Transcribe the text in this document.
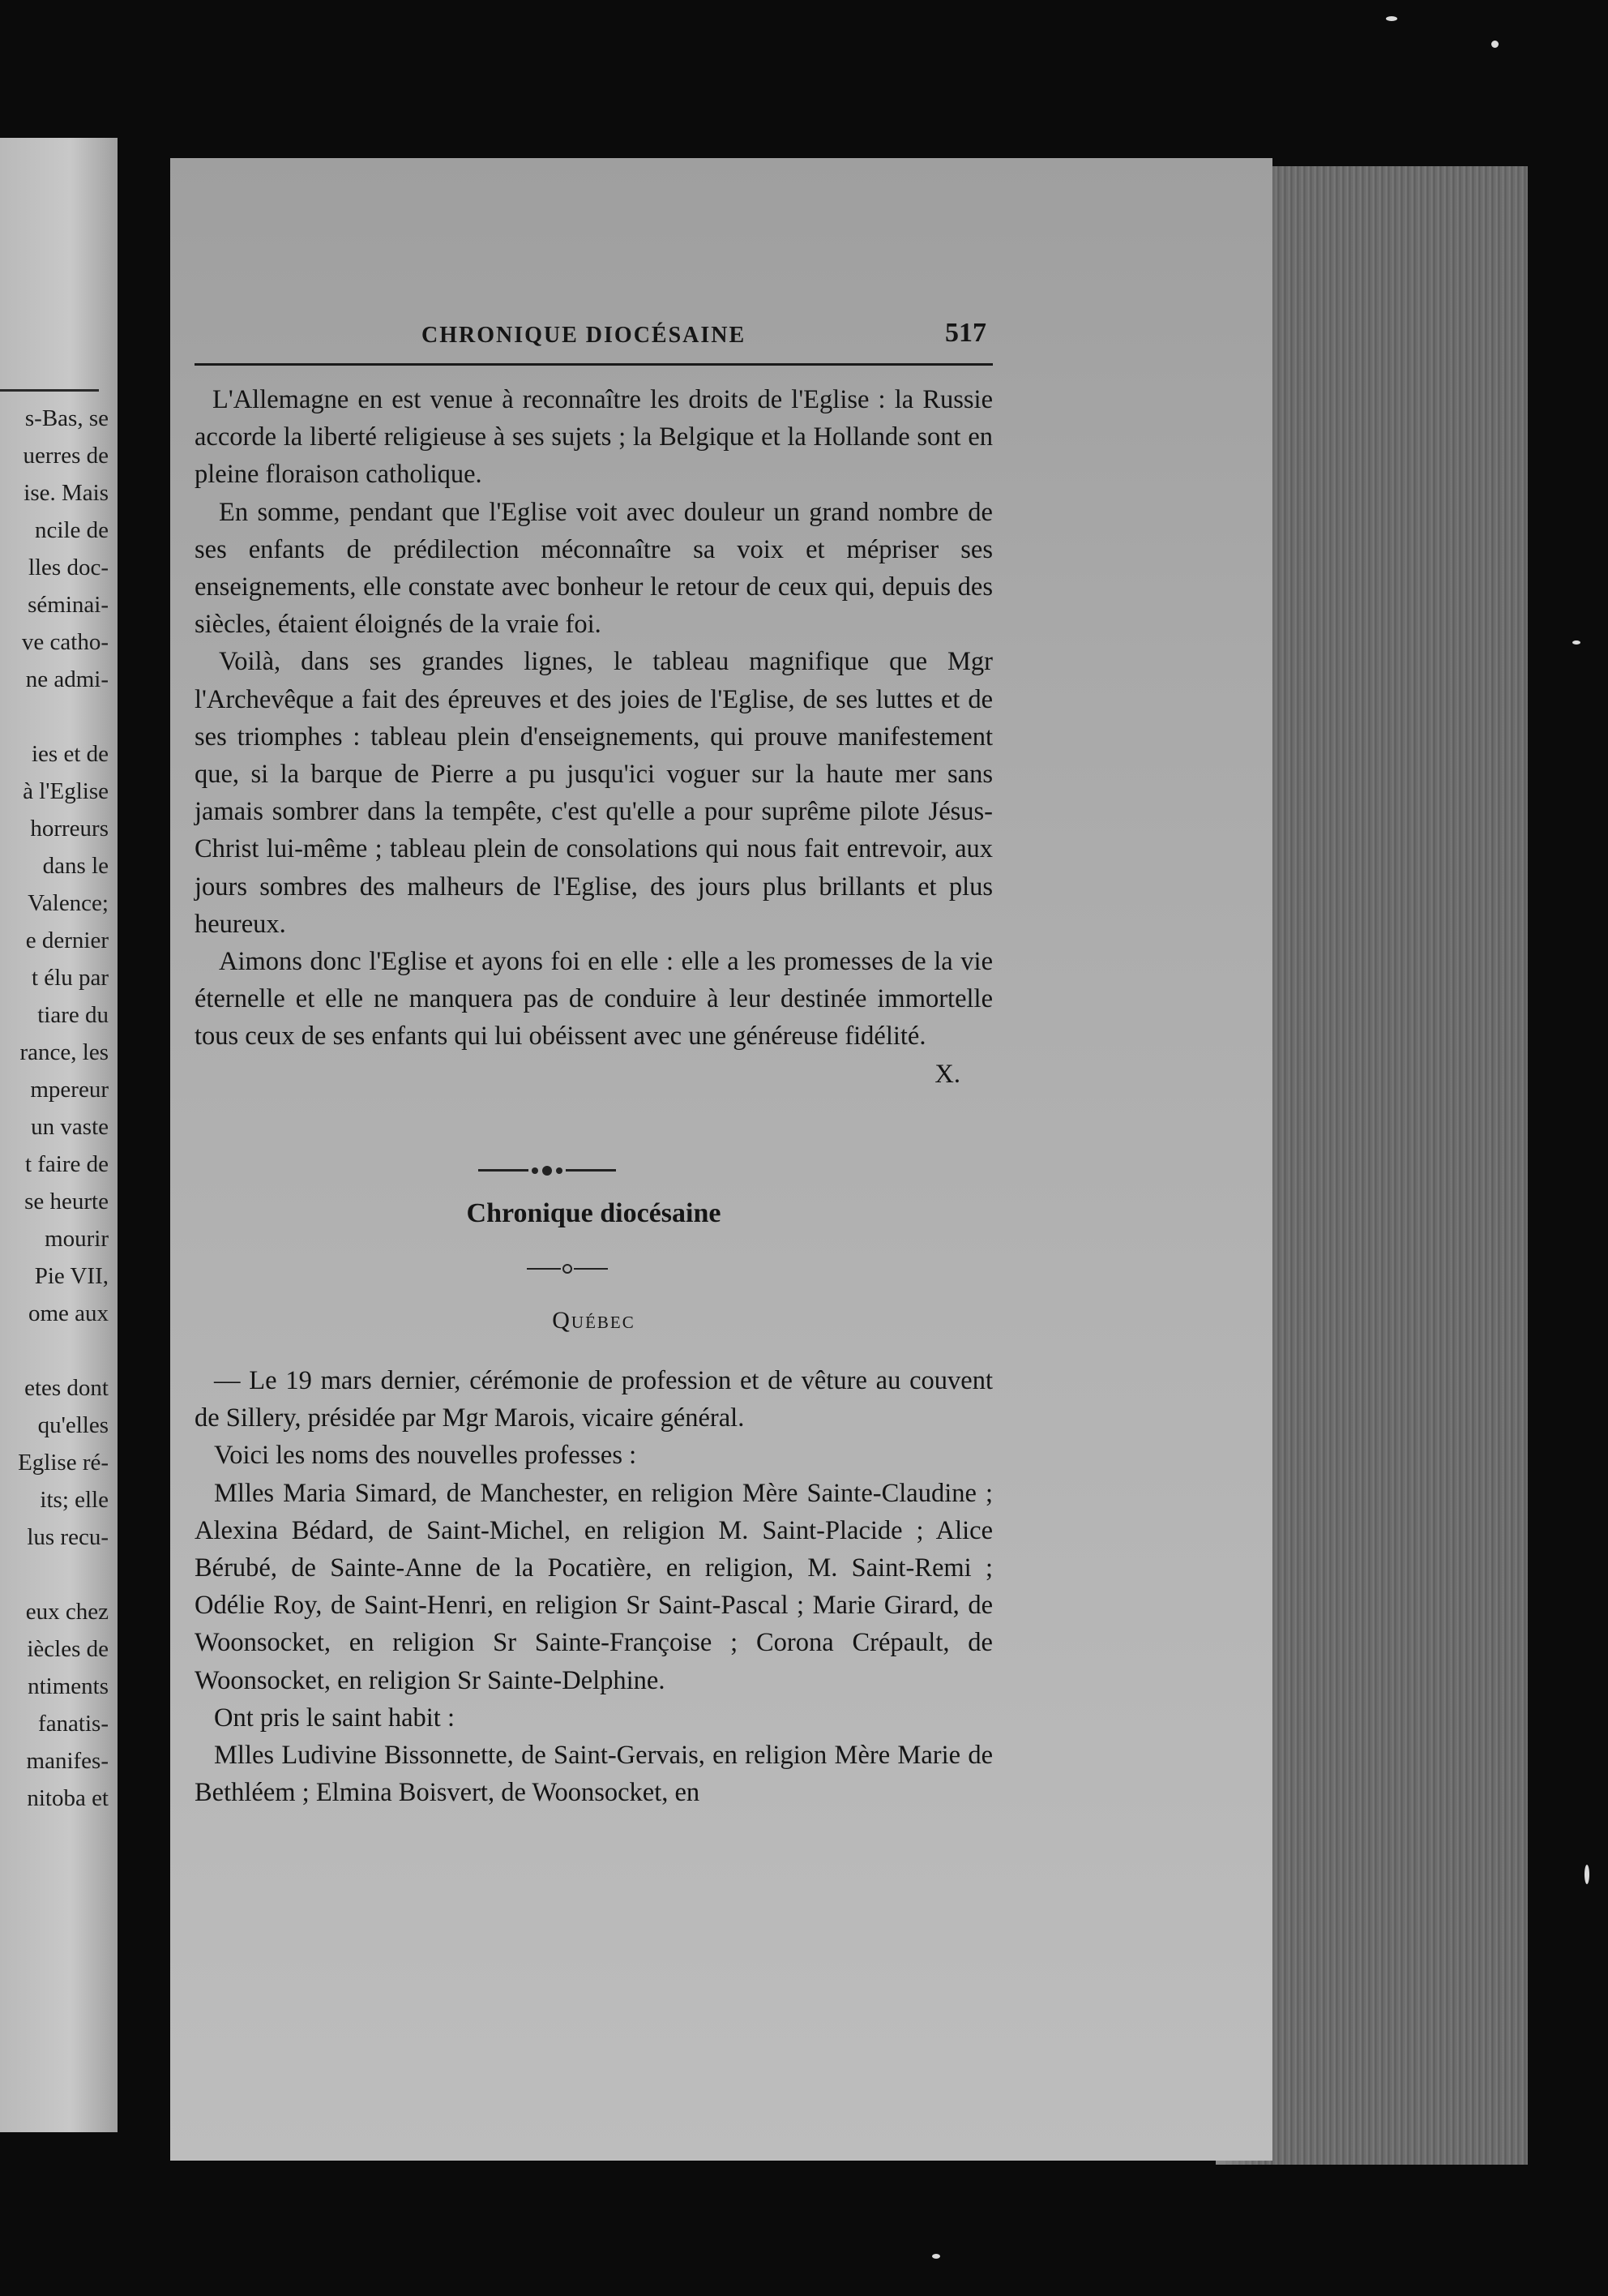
s-Bas, se
uerres de
ise. Mais
ncile de
lles doc-
séminai-
ve catho-
ne admi-
ies et de
à l'Eglise
horreurs
dans le
Valence;
e dernier
t élu par
tiare du
rance, les
mpereur
un vaste
t faire de
se heurte
mourir
Pie VII,
ome aux
etes dont
qu'elles
Eglise ré-
its; elle
lus recu-
eux chez
iècles de
ntiments
fanatis-
manifes-
nitoba et
CHRONIQUE DIOCÉSAINE	517

L'Allemagne en est venue à reconnaître les droits de l'Eglise : la Russie accorde la liberté religieuse à ses sujets ; la Belgique et la Hollande sont en pleine floraison catholique.

En somme, pendant que l'Eglise voit avec douleur un grand nombre de ses enfants de prédilection méconnaître sa voix et mépriser ses enseignements, elle constate avec bonheur le retour de ceux qui, depuis des siècles, étaient éloignés de la vraie foi.

Voilà, dans ses grandes lignes, le tableau magnifique que Mgr l'Archevêque a fait des épreuves et des joies de l'Eglise, de ses luttes et de ses triomphes : tableau plein d'enseignements, qui prouve manifestement que, si la barque de Pierre a pu jusqu'ici voguer sur la haute mer sans jamais sombrer dans la tempête, c'est qu'elle a pour suprême pilote Jésus-Christ lui-même ; tableau plein de consolations qui nous fait entrevoir, aux jours sombres des malheurs de l'Eglise, des jours plus brillants et plus heureux.

Aimons donc l'Eglise et ayons foi en elle : elle a les promesses de la vie éternelle et elle ne manquera pas de conduire à leur destinée immortelle tous ceux de ses enfants qui lui obéissent avec une généreuse fidélité.

X.
Chronique diocésaine
Québec

— Le 19 mars dernier, cérémonie de profession et de vêture au couvent de Sillery, présidée par Mgr Marois, vicaire général.

Voici les noms des nouvelles professes :

Mlles Maria Simard, de Manchester, en religion Mère Sainte-Claudine ; Alexina Bédard, de Saint-Michel, en religion M. Saint-Placide ; Alice Bérubé, de Sainte-Anne de la Pocatière, en religion, M. Saint-Remi ; Odélie Roy, de Saint-Henri, en religion Sr Saint-Pascal ; Marie Girard, de Woonsocket, en religion Sr Sainte-Françoise ; Corona Crépault, de Woonsocket, en religion Sr Sainte-Delphine.

Ont pris le saint habit :

Mlles Ludivine Bissonnette, de Saint-Gervais, en religion Mère Marie de Bethléem ; Elmina Boisvert, de Woonsocket, en
